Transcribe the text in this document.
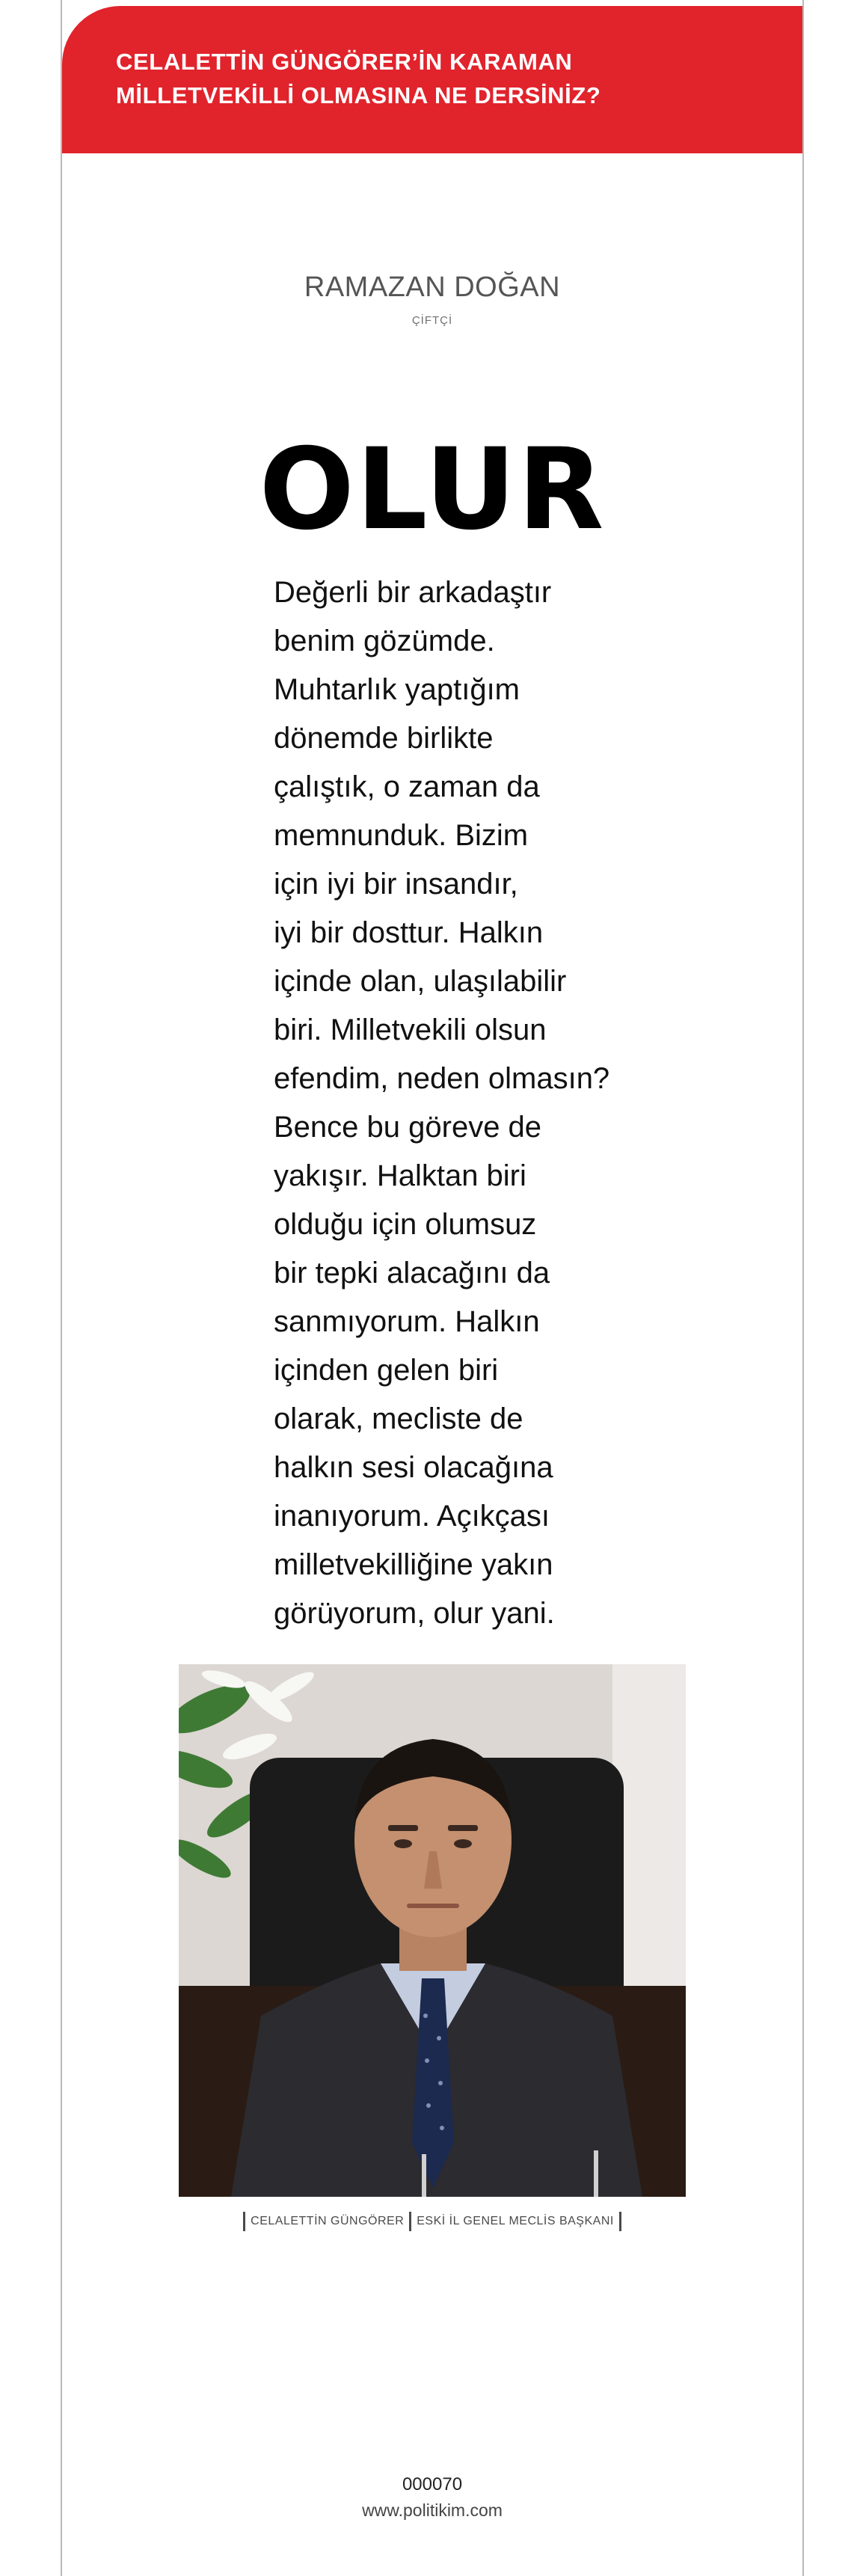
CELALETTİN GÜNGÖRER’İN KARAMAN
MİLLETVEKİLLİ OLMASINA NE DERSİNİZ?
RAMAZAN DOĞAN
ÇİFTÇİ
OLUR
Değerli bir arkadaştır
benim gözümde.
Muhtarlık yaptığım
dönemde birlikte
çalıştık, o zaman da
memnunduk. Bizim
için iyi bir insandır,
iyi bir dosttur. Halkın
içinde olan, ulaşılabilir
biri. Milletvekili olsun
efendim, neden olmasın?
Bence bu göreve de
yakışır. Halktan biri
olduğu için olumsuz
bir tepki alacağını da
sanmıyorum. Halkın
içinden gelen biri
olarak, mecliste de
halkın sesi olacağına
inanıyorum. Açıkçası
milletvekilliğine yakın
görüyorum, olur yani.
CELALETTİN GÜNGÖRER ESKİ İL GENEL MECLİS BAŞKANI
000070
www.politikim.com
